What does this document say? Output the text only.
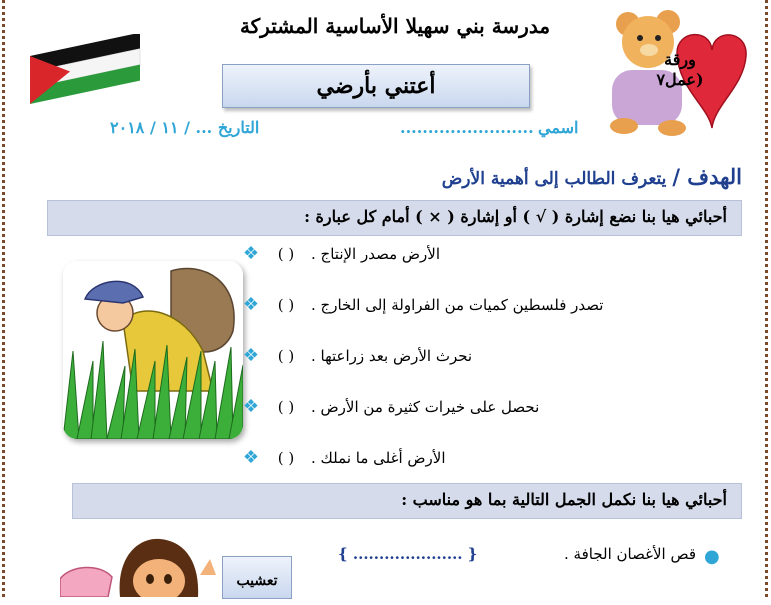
مدرسة بني سهيلا الأساسية المشتركة
أعتني بأرضي
ورقة عمل٧)
اسمي
........................
التاريخ ... / ١١ / ٢٠١٨
الهدف / يتعرف الطالب إلى أهمية الأرض
أحبائي هيا بنا نضع إشارة ( √ ) أو إشارة ( × ) أمام كل عبارة :
❖	( )	الأرض مصدر الإنتاج .
❖	( )	تصدر فلسطين كميات من الفراولة إلى الخارج .
❖	( )	نحرث الأرض بعد زراعتها .
❖	( )	نحصل على خيرات كثيرة من الأرض .
❖	( )	الأرض أغلى ما نملك .
أحبائي هيا بنا نكمل الجمل التالية بما هو مناسب :
●
قص الأغصان الجافة .
{ ..................... }
تعشيب
